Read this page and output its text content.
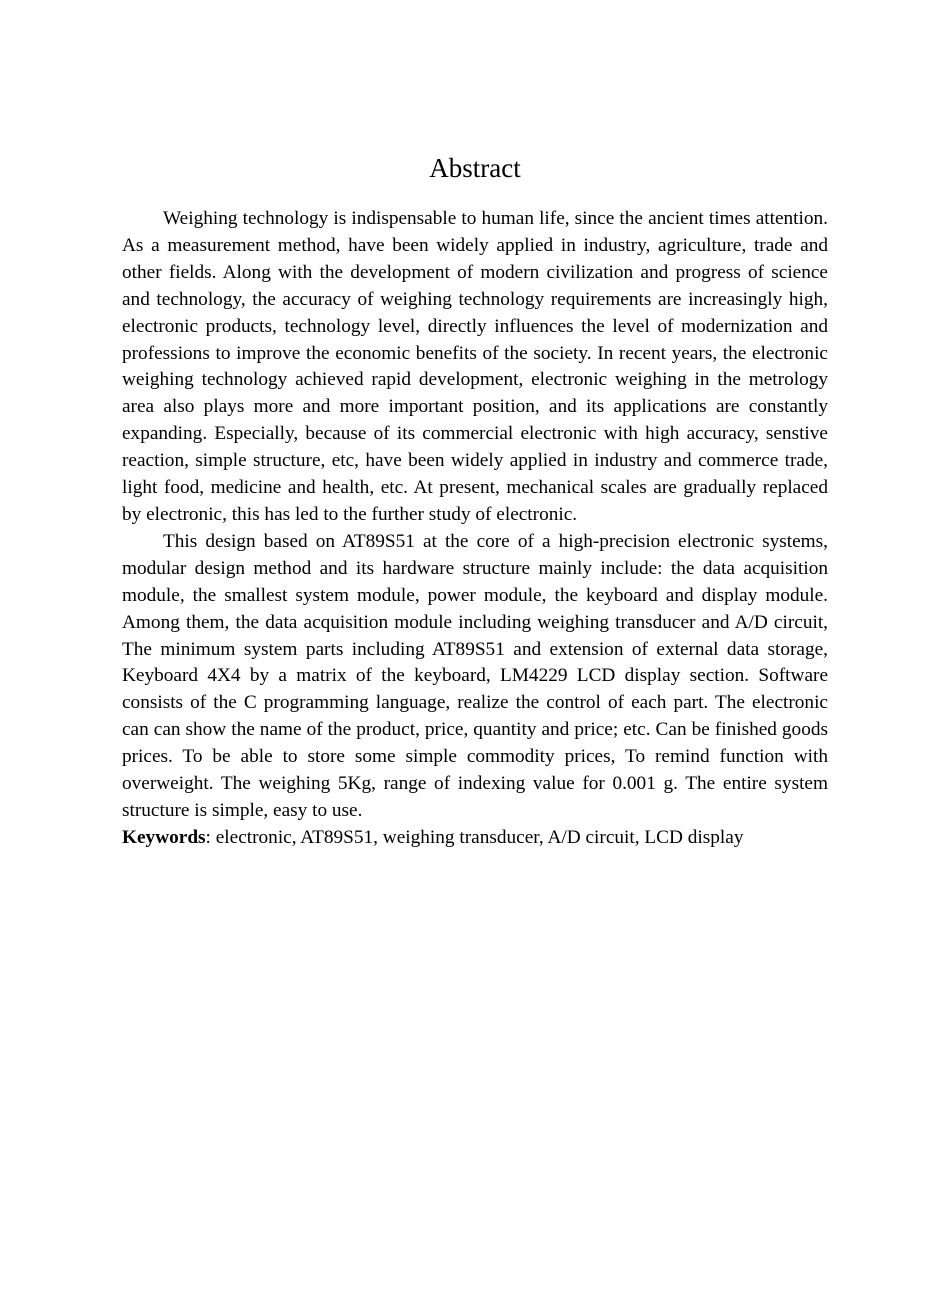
Abstract

Weighing technology is indispensable to human life, since the ancient times attention. As a measurement method, have been widely applied in industry, agriculture, trade and other fields. Along with the development of modern civilization and progress of science and technology, the accuracy of weighing technology requirements are increasingly high, electronic products, technology level, directly influences the level of modernization and professions to improve the economic benefits of the society. In recent years, the electronic weighing technology achieved rapid development, electronic weighing in the metrology area also plays more and more important position, and its applications are constantly expanding. Especially, because of its commercial electronic with high accuracy, senstive reaction, simple structure, etc, have been widely applied in industry and commerce trade, light food, medicine and health, etc. At present, mechanical scales are gradually replaced by electronic, this has led to the further study of electronic.

This design based on AT89S51 at the core of a high-precision electronic systems, modular design method and its hardware structure mainly include: the data acquisition module, the smallest system module, power module, the keyboard and display module. Among them, the data acquisition module including weighing transducer and A/D circuit, The minimum system parts including AT89S51 and extension of external data storage, Keyboard 4X4 by a matrix of the keyboard, LM4229 LCD display section. Software consists of the C programming language, realize the control of each part. The electronic can can show the name of the product, price, quantity and price; etc. Can be finished goods prices. To be able to store some simple commodity prices, To remind function with overweight. The weighing 5Kg, range of indexing value for 0.001 g. The entire system structure is simple, easy to use.

Keywords: electronic, AT89S51, weighing transducer, A/D circuit, LCD display
